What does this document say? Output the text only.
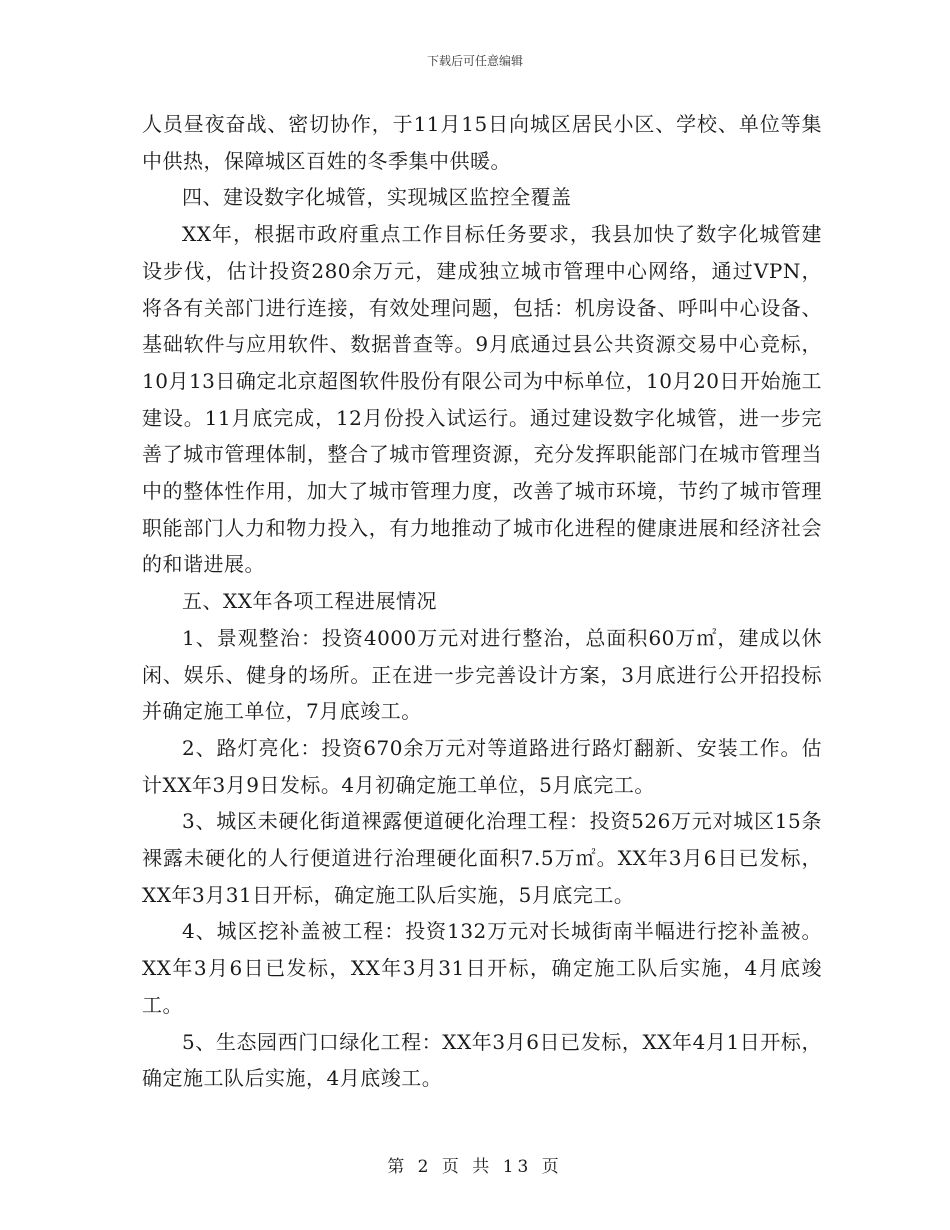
下载后可任意编辑

人员昼夜奋战、密切协作，于11月15日向城区居民小区、学校、单位等集中供热，保障城区百姓的冬季集中供暖。

四、建设数字化城管，实现城区监控全覆盖

XX年，根据市政府重点工作目标任务要求，我县加快了数字化城管建设步伐，估计投资280余万元，建成独立城市管理中心网络，通过VPN，将各有关部门进行连接，有效处理问题，包括：机房设备、呼叫中心设备、基础软件与应用软件、数据普查等。9月底通过县公共资源交易中心竞标，10月13日确定北京超图软件股份有限公司为中标单位，10月20日开始施工建设。11月底完成，12月份投入试运行。通过建设数字化城管，进一步完善了城市管理体制，整合了城市管理资源，充分发挥职能部门在城市管理当中的整体性作用，加大了城市管理力度，改善了城市环境，节约了城市管理职能部门人力和物力投入，有力地推动了城市化进程的健康进展和经济社会的和谐进展。

五、XX年各项工程进展情况

1、景观整治：投资4000万元对进行整治，总面积60万㎡，建成以休闲、娱乐、健身的场所。正在进一步完善设计方案，3月底进行公开招投标并确定施工单位，7月底竣工。

2、路灯亮化：投资670余万元对等道路进行路灯翻新、安装工作。估计XX年3月9日发标。4月初确定施工单位，5月底完工。

3、城区未硬化街道裸露便道硬化治理工程：投资526万元对城区15条裸露未硬化的人行便道进行治理硬化面积7.5万㎡。XX年3月6日已发标，XX年3月31日开标，确定施工队后实施，5月底完工。

4、城区挖补盖被工程：投资132万元对长城街南半幅进行挖补盖被。XX年3月6日已发标，XX年3月31日开标，确定施工队后实施，4月底竣工。

5、生态园西门口绿化工程：XX年3月6日已发标，XX年4月1日开标，确定施工队后实施，4月底竣工。

第 2 页 共 13 页
